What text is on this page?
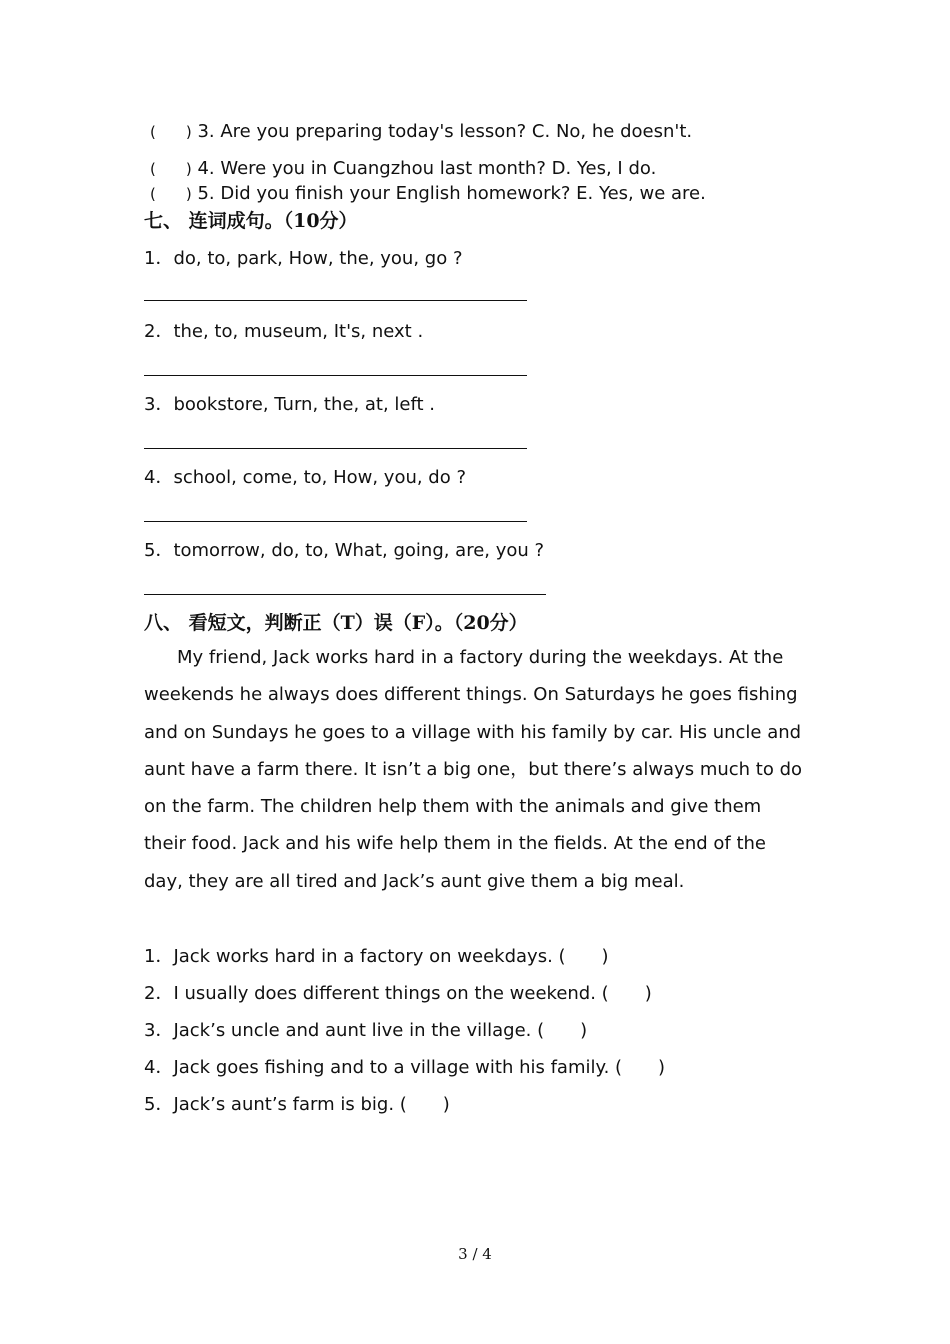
(　　) 3. Are you preparing today's lesson? C. No, he doesn't.
(　　) 4. Were you in Cuangzhou last month? D. Yes, I do.
(　　) 5. Did you finish your English homework? E. Yes, we are.
七、 连词成句。（10分）
1．do, to, park, How, the, you, go ?
2．the, to, museum, It's, next .
3．bookstore, Turn, the, at, left .
4．school, come, to, How, you, do ?
5．tomorrow, do, to, What, going, are, you ?
八、 看短文，判断正（T）误（F）。（20分）
My friend, Jack works hard in a factory during the weekdays. At the weekends he always does different things. On Saturdays he goes fishing and on Sundays he goes to a village with his family by car. His uncle and aunt have a farm there. It isn’t a big one，but there’s always much to do on the farm. The children help them with the animals and give them their food. Jack and his wife help them in the fields. At the end of the day, they are all tired and Jack’s aunt give them a big meal.
1．Jack works hard in a factory on weekdays. (　　)
2．I usually does different things on the weekend. (　　)
3．Jack’s uncle and aunt live in the village. (　　)
4．Jack goes fishing and to a village with his family. (　　)
5．Jack’s aunt’s farm is big. (　　)
3 / 4
